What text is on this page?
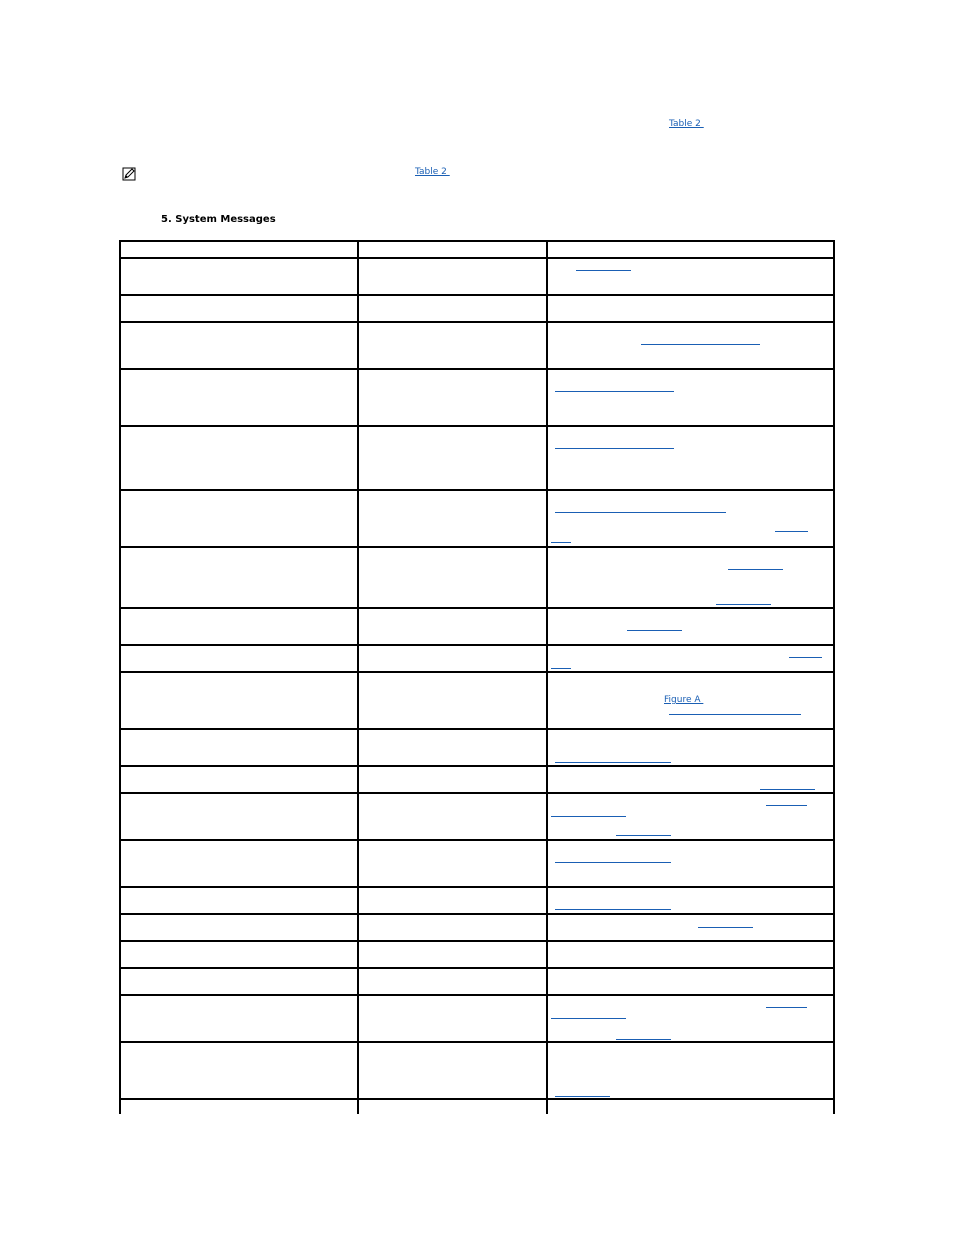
Table 2
Table 2
5. System Messages
Figure A
